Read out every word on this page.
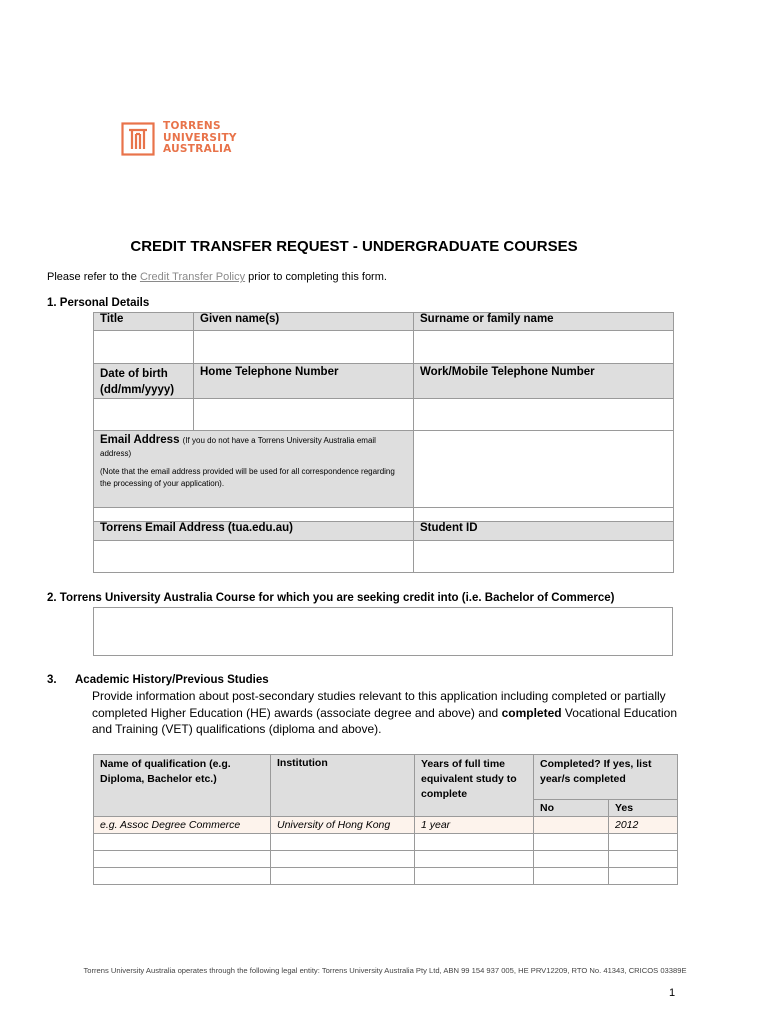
TORRENS
UNIVERSITY
AUSTRALIA
CREDIT TRANSFER REQUEST - UNDERGRADUATE COURSES
Please refer to the Credit Transfer Policy prior to completing this form.
1. Personal Details
Title	Given name(s)	Surname or family name

Date of birth
(dd/mm/yyyy)	Home Telephone Number	Work/Mobile Telephone Number

Email Address (If you do not have a Torrens University Australia email address)
(Note that the email address provided will be used for all correspondence regarding the processing of your application).		

Torrens Email Address (tua.edu.au)		Student ID

2. Torrens University Australia Course for which you are seeking credit into (i.e. Bachelor of Commerce)
3. Academic History/Previous Studies
Provide information about post-secondary studies relevant to this application including completed or partially completed Higher Education (HE) awards (associate degree and above) and completed Vocational Education and Training (VET) qualifications (diploma and above).
Name of qualification (e.g. Diploma, Bachelor etc.)	Institution	Years of full time equivalent study to complete	Completed? If yes, list year/s completed	
			No	Yes
e.g. Assoc Degree Commerce	University of Hong Kong	1 year		2012

Torrens University Australia operates through the following legal entity: Torrens University Australia Pty Ltd, ABN 99 154 937 005, HE PRV12209, RTO No. 41343, CRICOS 03389E
1
